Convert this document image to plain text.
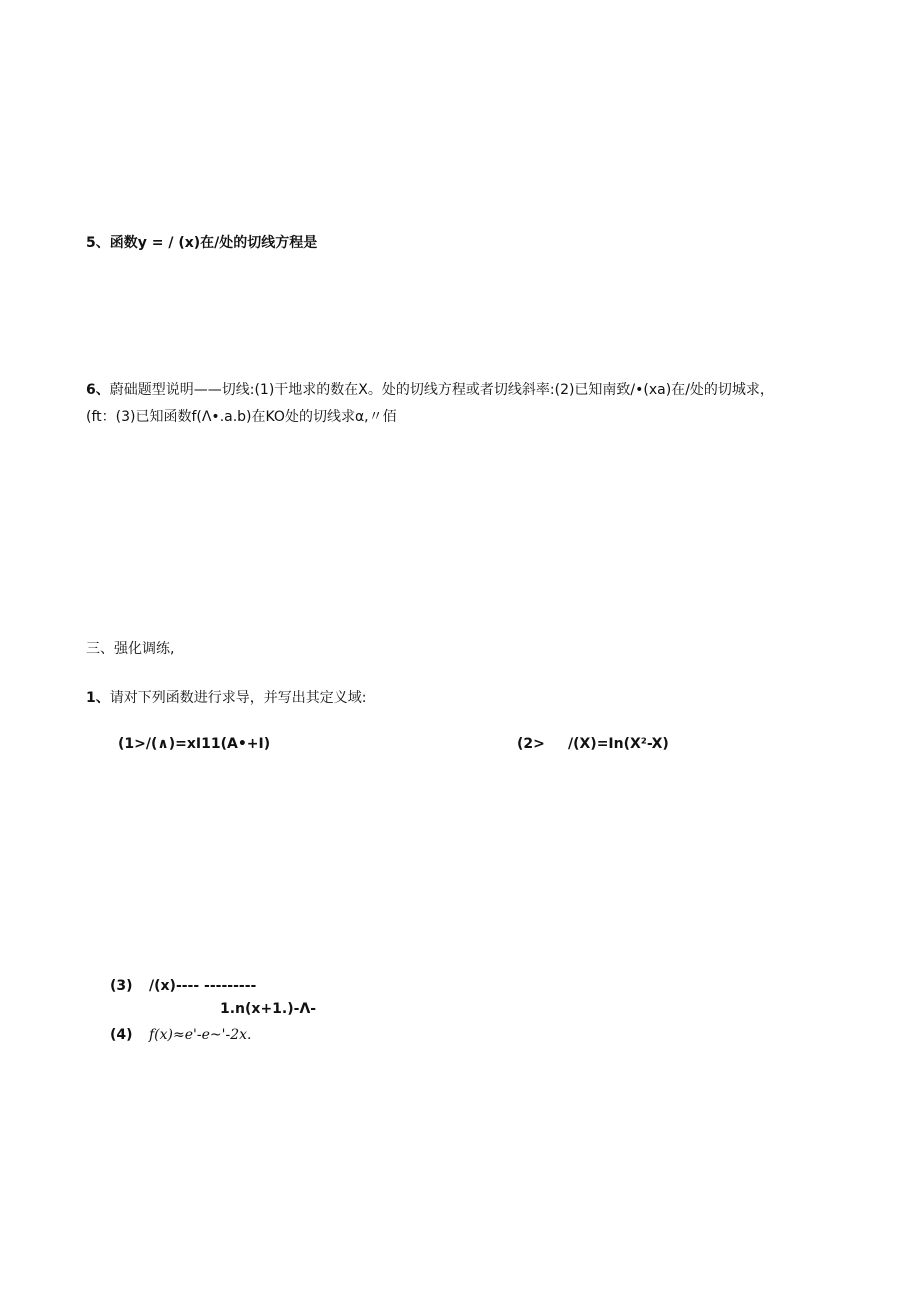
5、函数y = / (x)在/处的切线方程是
6、蔚础题型说明——切线:(1)干地求的数在X。处的切线方程或者切线斜率:(2)已知南致/•(xa)在/处的切城求，
(ft：(3)已知函数f(Λ•.a.b)在KO处的切线求α,〃佰
三、强化调练,
1、请对下列函数进行求导，并写出其定义域:
(1>/(∧)=xI11(A•+I)	(2> /(X)=In(X²-X)
(3) /(x)---- ---------
1.n(x+1.)-Λ-
(4) f(x)≈e'-e~'-2x.
